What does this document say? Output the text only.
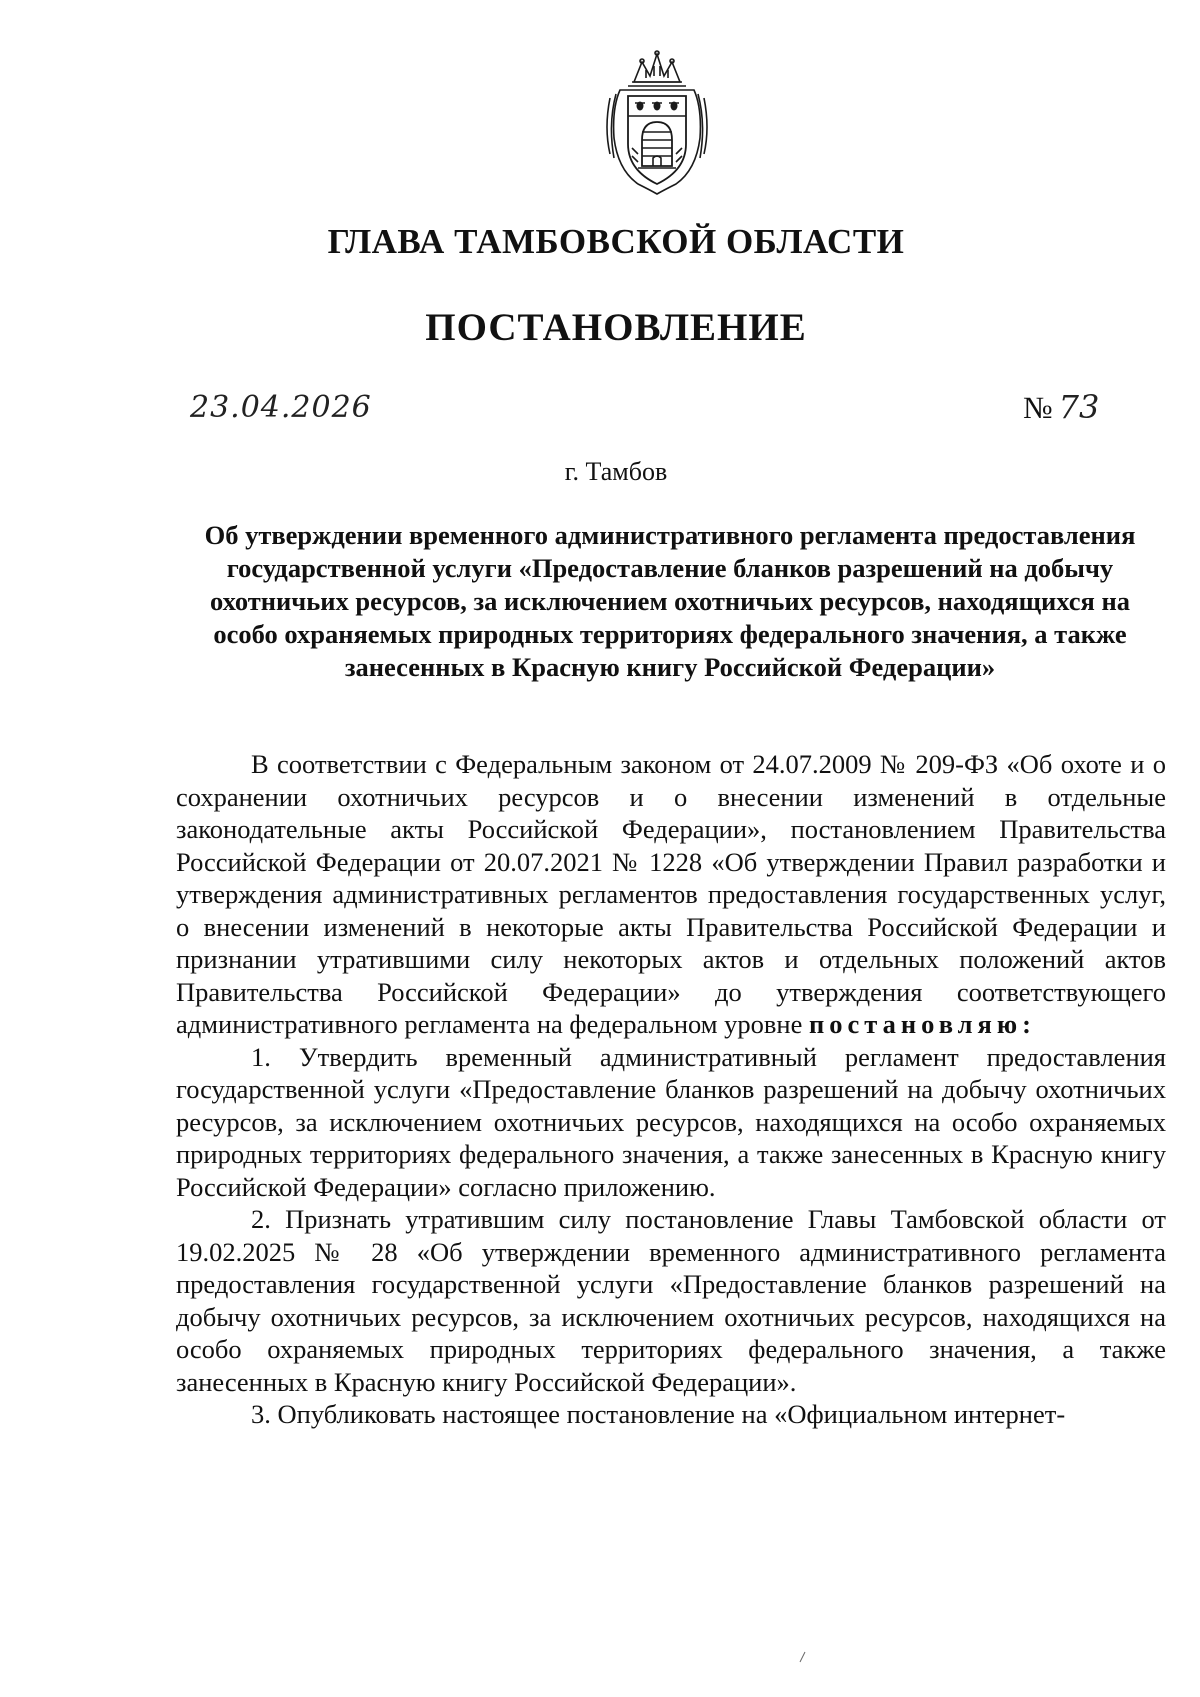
ГЛАВА ТАМБОВСКОЙ ОБЛАСТИ
ПОСТАНОВЛЕНИЕ
23.04.2026	№ 73
г. Тамбов
Об утверждении временного административного регламента предоставления государственной услуги «Предоставление бланков разрешений на добычу охотничьих ресурсов, за исключением охотничьих ресурсов, находящихся на особо охраняемых природных территориях федерального значения, а также занесенных в Красную книгу Российской Федерации»

В соответствии с Федеральным законом от 24.07.2009 № 209-ФЗ «Об охоте и о сохранении охотничьих ресурсов и о внесении изменений в отдельные законодательные акты Российской Федерации», постановлением Правительства Российской Федерации от 20.07.2021 № 1228 «Об утверждении Правил разработки и утверждения административных регламентов предоставления государственных услуг, о внесении изменений в некоторые акты Правительства Российской Федерации и признании утратившими силу некоторых актов и отдельных положений актов Правительства Российской Федерации» до утверждения соответствующего административного регламента на федеральном уровне постановляю:

1. Утвердить временный административный регламент предоставления государственной услуги «Предоставление бланков разрешений на добычу охотничьих ресурсов, за исключением охотничьих ресурсов, находящихся на особо охраняемых природных территориях федерального значения, а также занесенных в Красную книгу Российской Федерации» согласно приложению.

2. Признать утратившим силу постановление Главы Тамбовской области от 19.02.2025 № 28 «Об утверждении временного административного регламента предоставления государственной услуги «Предоставление бланков разрешений на добычу охотничьих ресурсов, за исключением охотничьих ресурсов, находящихся на особо охраняемых природных территориях федерального значения, а также занесенных в Красную книгу Российской Федерации».

3. Опубликовать настоящее постановление на «Официальном интернет-
